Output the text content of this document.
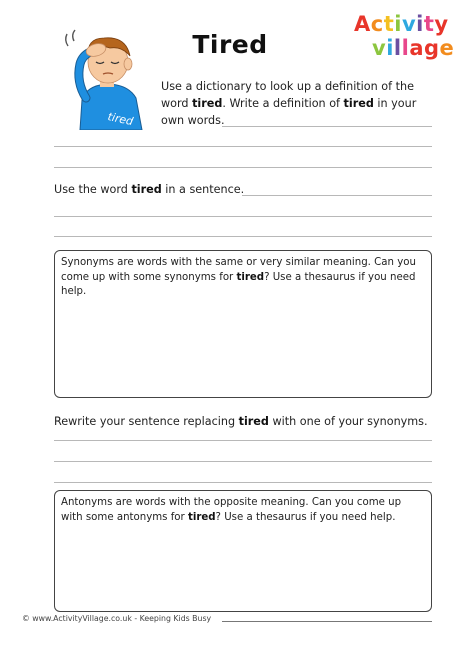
Tired
Activity
village
tired
Use a dictionary to look up a definition of the word tired. Write a definition of tired in your own words.
Use the word tired in a sentence.
Synonyms are words with the same or very similar meaning. Can you come up with some synonyms for tired? Use a thesaurus if you need help.
Rewrite your sentence replacing tired with one of your synonyms.
Antonyms are words with the opposite meaning. Can you come up with some antonyms for tired? Use a thesaurus if you need help.
© www.ActivityVillage.co.uk - Keeping Kids Busy
